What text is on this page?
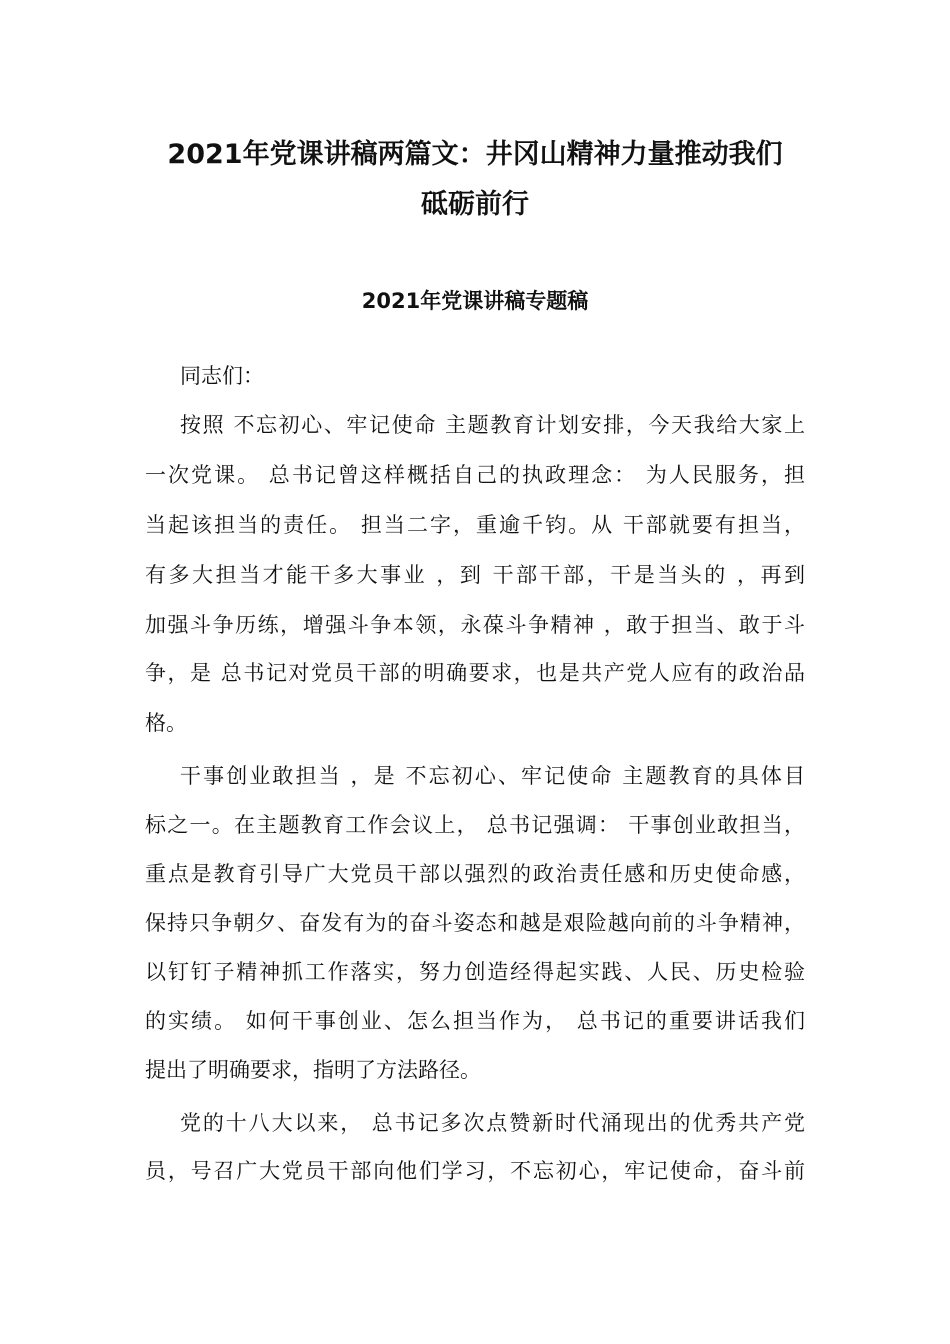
2021年党课讲稿两篇文：井冈山精神力量推动我们
砥砺前行
2021年党课讲稿专题稿
同志们：
按照 不忘初心、牢记使命 主题教育计划安排，今天我给大家上
一次党课。 总书记曾这样概括自己的执政理念： 为人民服务，担
当起该担当的责任。 担当二字，重逾千钧。从 干部就要有担当，
有多大担当才能干多大事业 ，到 干部干部，干是当头的 ，再到
加强斗争历练，增强斗争本领，永葆斗争精神 ，敢于担当、敢于斗
争，是 总书记对党员干部的明确要求，也是共产党人应有的政治品
格。
干事创业敢担当 ，是 不忘初心、牢记使命 主题教育的具体目
标之一。在主题教育工作会议上， 总书记强调： 干事创业敢担当，
重点是教育引导广大党员干部以强烈的政治责任感和历史使命感，
保持只争朝夕、奋发有为的奋斗姿态和越是艰险越向前的斗争精神，
以钉钉子精神抓工作落实，努力创造经得起实践、人民、历史检验
的实绩。 如何干事创业、怎么担当作为， 总书记的重要讲话我们
提出了明确要求，指明了方法路径。
党的十八大以来， 总书记多次点赞新时代涌现出的优秀共产党
员，号召广大党员干部向他们学习，不忘初心，牢记使命，奋斗前
